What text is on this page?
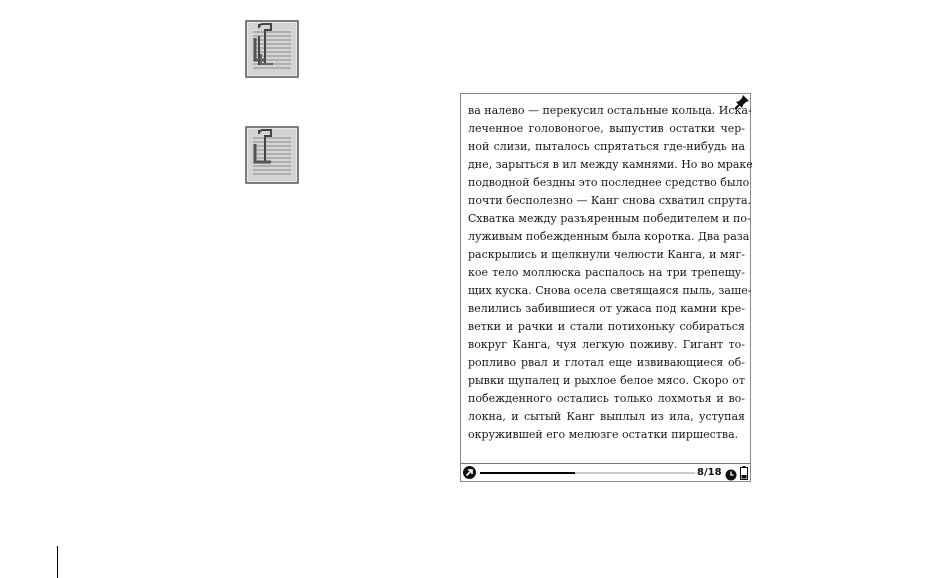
ва налево — перекусил остальные кольца. Иска-
леченное головоногое, выпустив остатки чер-
ной слизи, пыталось спрятаться где-нибудь на
дне, зарыться в ил между камнями. Но во мраке
подводной бездны это последнее средство было
почти бесполезно — Канг снова схватил спрута.
Схватка между разъяренным победителем и по-
луживым побежденным была коротка. Два раза
раскрылись и щелкнули челюсти Канга, и мяг-
кое тело моллюска распалось на три трепещу-
щих куска. Снова осела светящаяся пыль, заше-
велились забившиеся от ужаса под камни кре-
ветки и рачки и стали потихоньку собираться
вокруг Канга, чуя легкую поживу. Гигант то-
ропливо рвал и глотал еще извивающиеся об-
рывки щупалец и рыхлое белое мясо. Скоро от
побежденного остались только лохмотья и во-
локна, и сытый Канг выплыл из ила, уступая
окружившей его мелюзге остатки пиршества.
8/18
